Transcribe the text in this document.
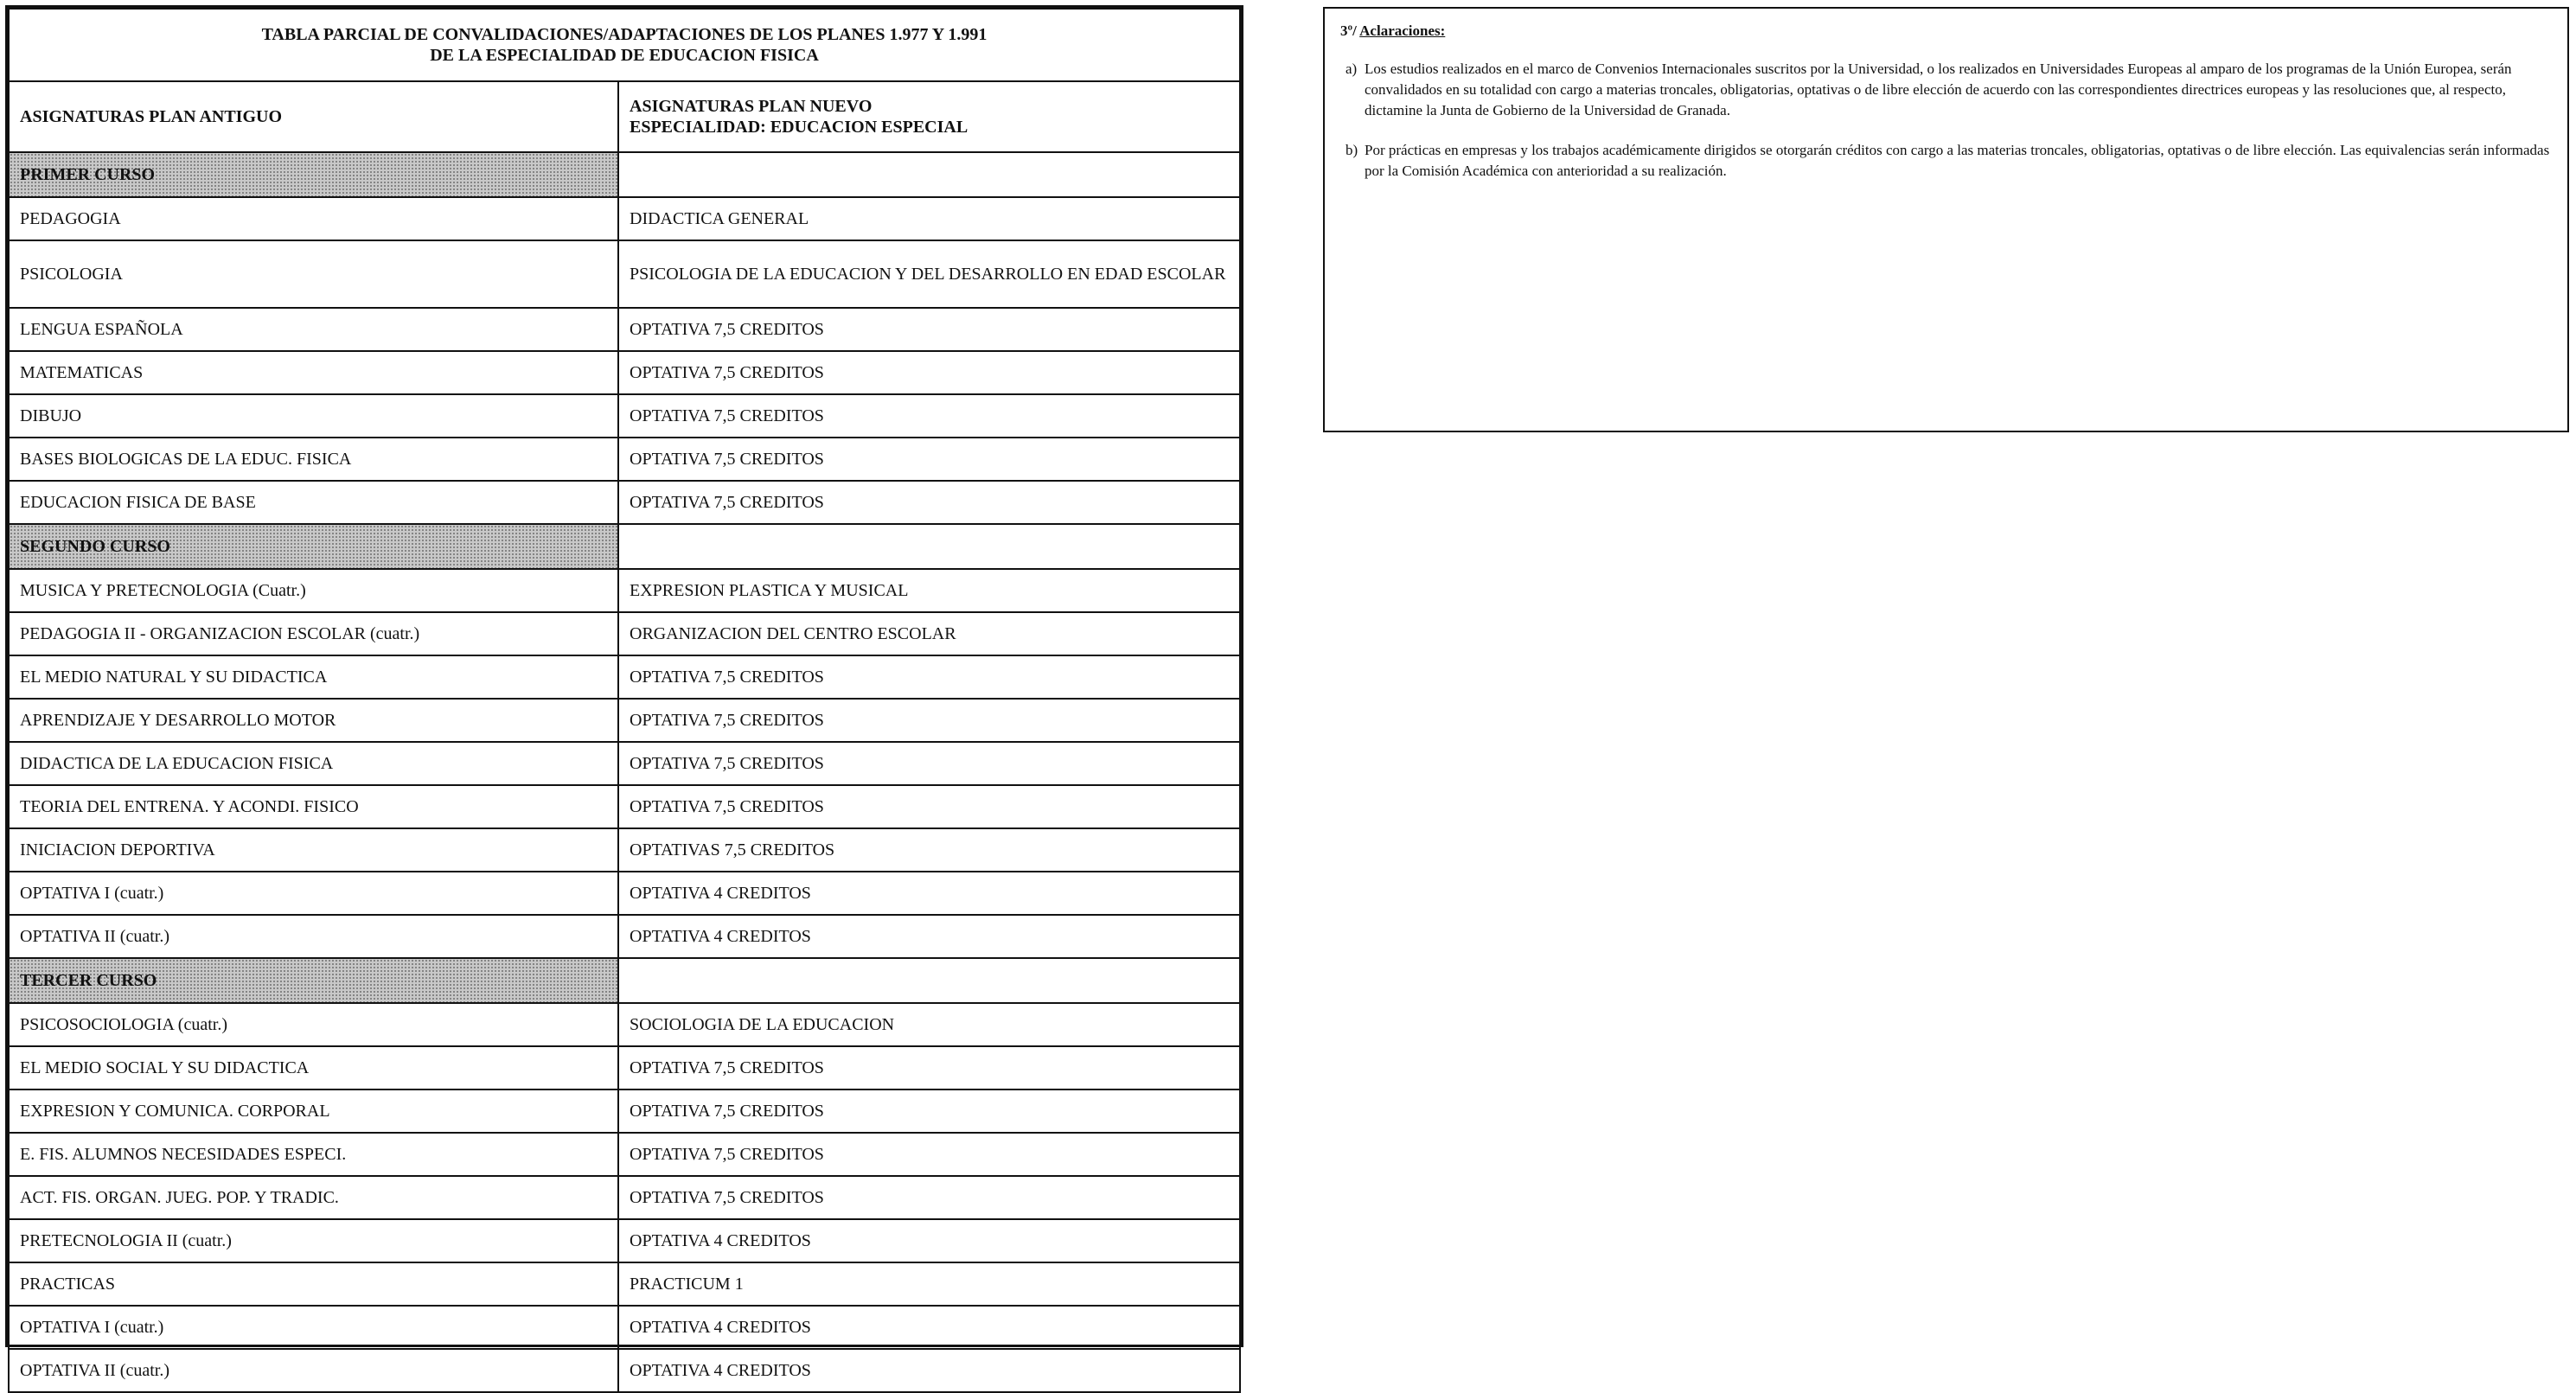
TABLA PARCIAL DE CONVALIDACIONES/ADAPTACIONES DE LOS PLANES 1.977 Y 1.991
DE LA ESPECIALIDAD DE EDUCACION FISICA	

ASIGNATURAS PLAN ANTIGUO	ASIGNATURAS PLAN NUEVO
ESPECIALIDAD: EDUCACION ESPECIAL

PRIMER CURSO	
PEDAGOGIA	DIDACTICA GENERAL
PSICOLOGIA	PSICOLOGIA DE LA EDUCACION Y DEL DESARROLLO EN EDAD ESCOLAR
LENGUA ESPAÑOLA	OPTATIVA 7,5 CREDITOS
MATEMATICAS	OPTATIVA 7,5 CREDITOS
DIBUJO	OPTATIVA 7,5 CREDITOS
BASES BIOLOGICAS DE LA EDUC. FISICA	OPTATIVA 7,5 CREDITOS
EDUCACION FISICA DE BASE	OPTATIVA 7,5 CREDITOS
SEGUNDO CURSO	
MUSICA Y PRETECNOLOGIA (Cuatr.)	EXPRESION PLASTICA Y MUSICAL
PEDAGOGIA II - ORGANIZACION ESCOLAR (cuatr.)	ORGANIZACION DEL CENTRO ESCOLAR
EL MEDIO NATURAL Y SU DIDACTICA	OPTATIVA 7,5 CREDITOS
APRENDIZAJE Y DESARROLLO MOTOR	OPTATIVA 7,5 CREDITOS
DIDACTICA DE LA EDUCACION FISICA	OPTATIVA 7,5 CREDITOS
TEORIA DEL ENTRENA. Y ACONDI. FISICO	OPTATIVA 7,5 CREDITOS
INICIACION DEPORTIVA	OPTATIVAS 7,5 CREDITOS
OPTATIVA I (cuatr.)	OPTATIVA 4 CREDITOS
OPTATIVA II (cuatr.)	OPTATIVA 4 CREDITOS
TERCER CURSO	
PSICOSOCIOLOGIA (cuatr.)	SOCIOLOGIA DE LA EDUCACION
EL MEDIO SOCIAL Y SU DIDACTICA	OPTATIVA 7,5 CREDITOS
EXPRESION Y COMUNICA. CORPORAL	OPTATIVA 7,5 CREDITOS
E. FIS. ALUMNOS NECESIDADES ESPECI.	OPTATIVA 7,5 CREDITOS
ACT. FIS. ORGAN. JUEG. POP. Y TRADIC.	OPTATIVA 7,5 CREDITOS
PRETECNOLOGIA II (cuatr.)	OPTATIVA 4 CREDITOS
PRACTICAS	PRACTICUM 1
OPTATIVA I (cuatr.)	OPTATIVA 4 CREDITOS
OPTATIVA II (cuatr.)	OPTATIVA 4 CREDITOS
3º/ Aclaraciones:
a) Los estudios realizados en el marco de Convenios Internacionales suscritos por la Universidad, o los realizados en Universidades Europeas al amparo de los programas de la Unión Europea, serán convalidados en su totalidad con cargo a materias troncales, obligatorias, optativas o de libre elección de acuerdo con las correspondientes directrices europeas y las resoluciones que, al respecto, dictamine la Junta de Gobierno de la Universidad de Granada.
b) Por prácticas en empresas y los trabajos académicamente dirigidos se otorgarán créditos con cargo a las materias troncales, obligatorias, optativas o de libre elección. Las equivalencias serán informadas por la Comisión Académica con anterioridad a su realización.
